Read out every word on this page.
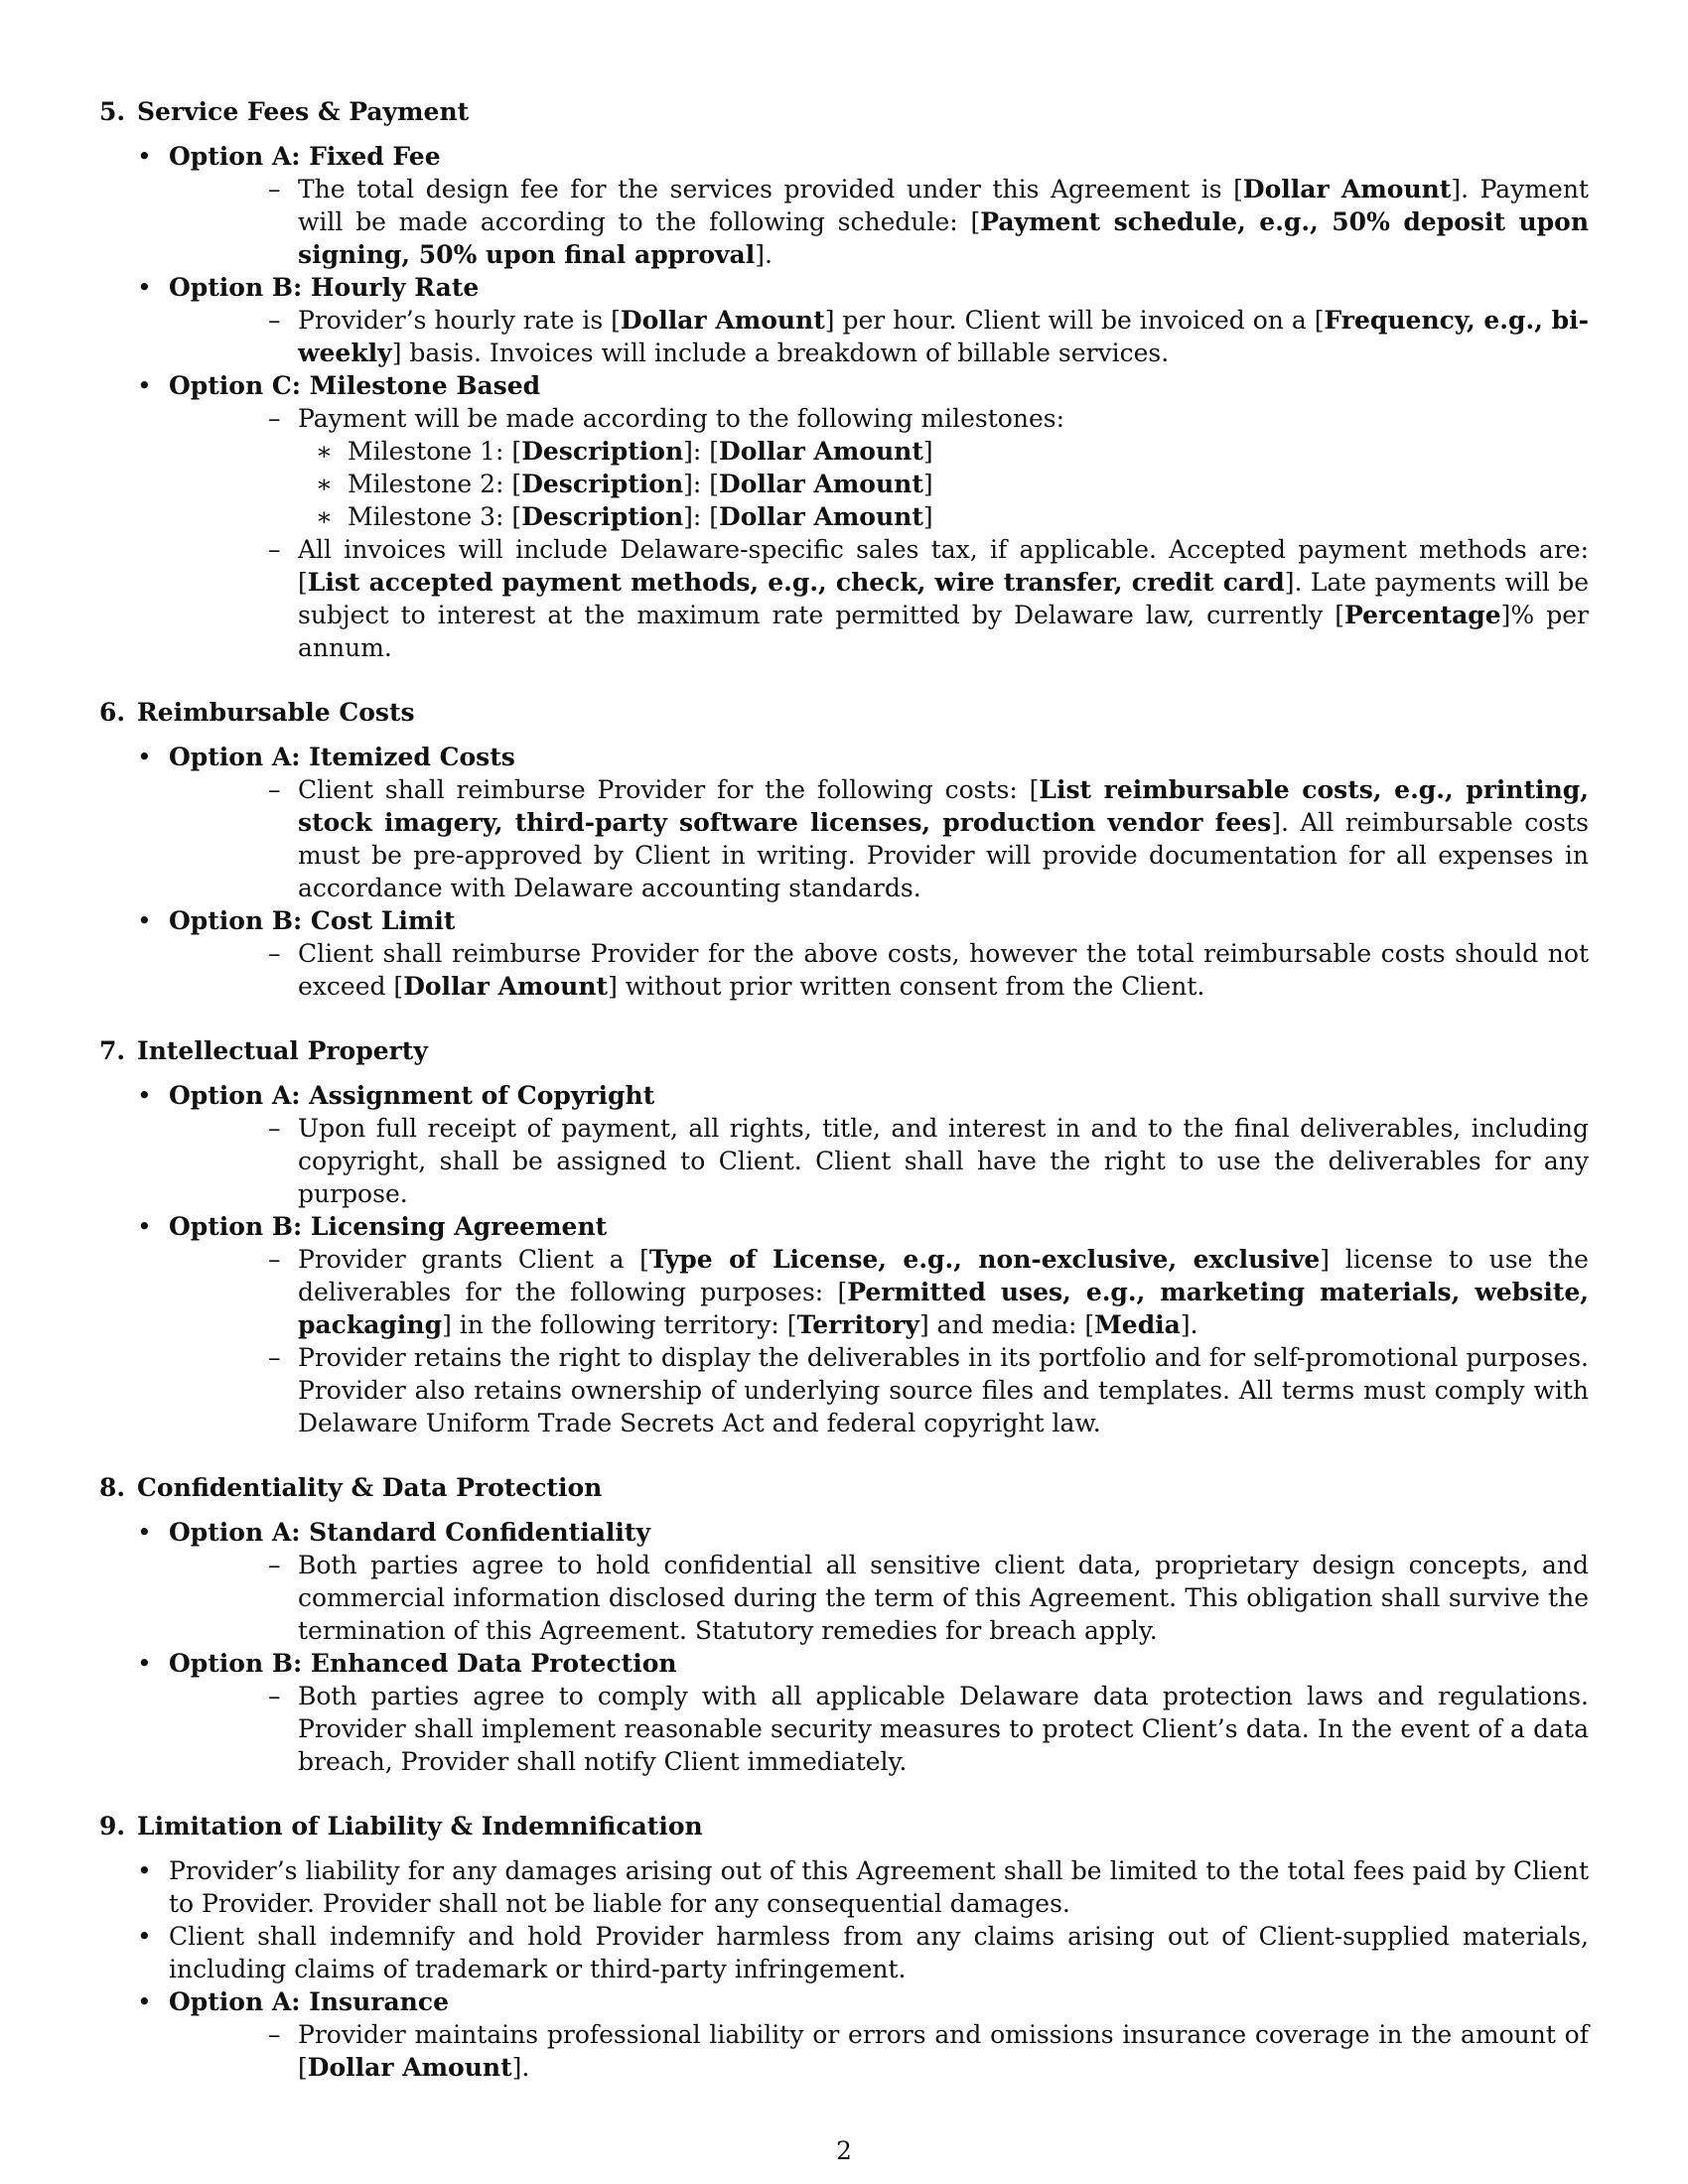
5. Service Fees & Payment
• Option A: Fixed Fee
– The total design fee for the services provided under this Agreement is [Dollar Amount]. Payment will be made according to the following schedule: [Payment schedule, e.g., 50% deposit upon signing, 50% upon final approval].
• Option B: Hourly Rate
– Provider’s hourly rate is [Dollar Amount] per hour. Client will be invoiced on a [Frequency, e.g., bi-weekly] basis. Invoices will include a breakdown of billable services.
• Option C: Milestone Based
– Payment will be made according to the following milestones:
∗ Milestone 1: [Description]: [Dollar Amount]
∗ Milestone 2: [Description]: [Dollar Amount]
∗ Milestone 3: [Description]: [Dollar Amount]
– All invoices will include Delaware-specific sales tax, if applicable. Accepted payment methods are: [List accepted payment methods, e.g., check, wire transfer, credit card]. Late payments will be subject to interest at the maximum rate permitted by Delaware law, currently [Percentage]% per annum.
6. Reimbursable Costs
• Option A: Itemized Costs
– Client shall reimburse Provider for the following costs: [List reimbursable costs, e.g., printing, stock imagery, third-party software licenses, production vendor fees]. All reimbursable costs must be pre-approved by Client in writing. Provider will provide documentation for all expenses in accordance with Delaware accounting standards.
• Option B: Cost Limit
– Client shall reimburse Provider for the above costs, however the total reimbursable costs should not exceed [Dollar Amount] without prior written consent from the Client.
7. Intellectual Property
• Option A: Assignment of Copyright
– Upon full receipt of payment, all rights, title, and interest in and to the final deliverables, including copyright, shall be assigned to Client. Client shall have the right to use the deliverables for any purpose.
• Option B: Licensing Agreement
– Provider grants Client a [Type of License, e.g., non-exclusive, exclusive] license to use the deliverables for the following purposes: [Permitted uses, e.g., marketing materials, website, packaging] in the following territory: [Territory] and media: [Media].
– Provider retains the right to display the deliverables in its portfolio and for self-promotional purposes. Provider also retains ownership of underlying source files and templates. All terms must comply with Delaware Uniform Trade Secrets Act and federal copyright law.
8. Confidentiality & Data Protection
• Option A: Standard Confidentiality
– Both parties agree to hold confidential all sensitive client data, proprietary design concepts, and commercial information disclosed during the term of this Agreement. This obligation shall survive the termination of this Agreement. Statutory remedies for breach apply.
• Option B: Enhanced Data Protection
– Both parties agree to comply with all applicable Delaware data protection laws and regulations. Provider shall implement reasonable security measures to protect Client’s data. In the event of a data breach, Provider shall notify Client immediately.
9. Limitation of Liability & Indemnification
• Provider’s liability for any damages arising out of this Agreement shall be limited to the total fees paid by Client to Provider. Provider shall not be liable for any consequential damages.
• Client shall indemnify and hold Provider harmless from any claims arising out of Client-supplied materials, including claims of trademark or third-party infringement.
• Option A: Insurance
– Provider maintains professional liability or errors and omissions insurance coverage in the amount of [Dollar Amount].
2
